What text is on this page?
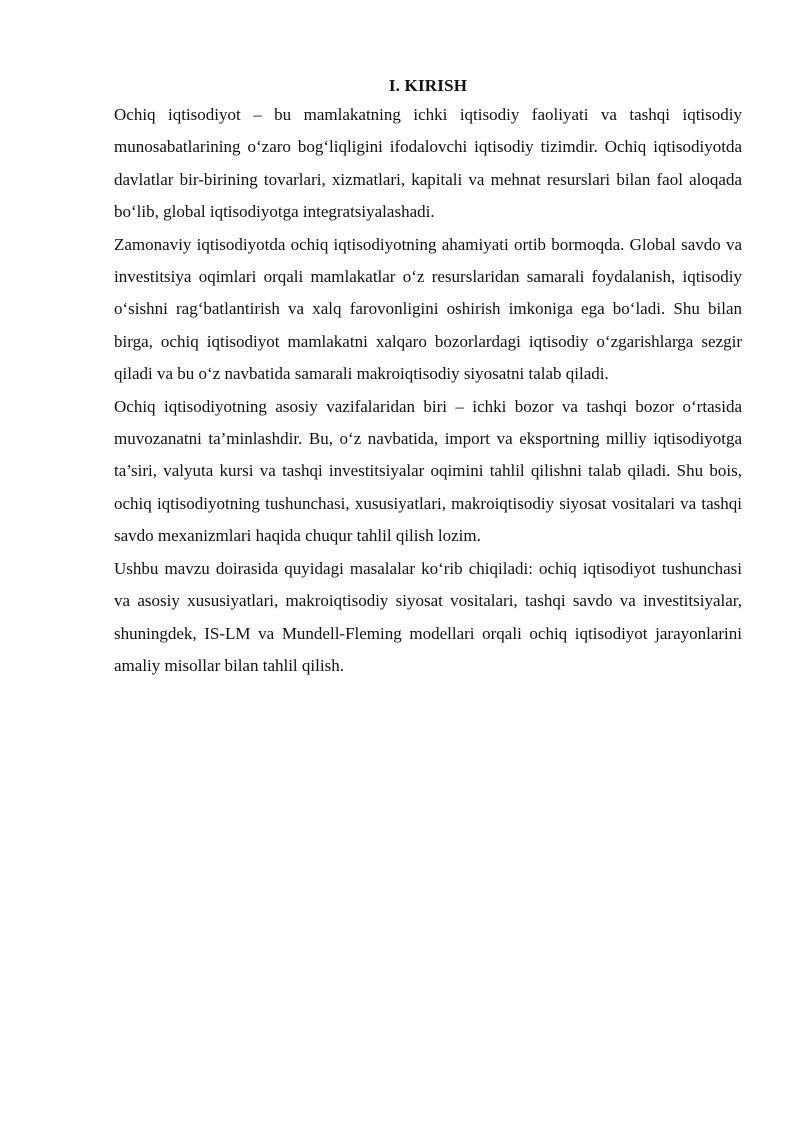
I. KIRISH

Ochiq iqtisodiyot – bu mamlakatning ichki iqtisodiy faoliyati va tashqi iqtisodiy munosabatlarining o‘zaro bog‘liqligini ifodalovchi iqtisodiy tizimdir. Ochiq iqtisodiyotda davlatlar bir-birining tovarlari, xizmatlari, kapitali va mehnat resurslari bilan faol aloqada bo‘lib, global iqtisodiyotga integratsiyalashadi.

Zamonaviy iqtisodiyotda ochiq iqtisodiyotning ahamiyati ortib bormoqda. Global savdo va investitsiya oqimlari orqali mamlakatlar o‘z resurslaridan samarali foydalanish, iqtisodiy o‘sishni rag‘batlantirish va xalq farovonligini oshirish imkoniga ega bo‘ladi. Shu bilan birga, ochiq iqtisodiyot mamlakatni xalqaro bozorlardagi iqtisodiy o‘zgarishlarga sezgir qiladi va bu o‘z navbatida samarali makroiqtisodiy siyosatni talab qiladi.

Ochiq iqtisodiyotning asosiy vazifalaridan biri – ichki bozor va tashqi bozor o‘rtasida muvozanatni ta’minlashdir. Bu, o‘z navbatida, import va eksportning milliy iqtisodiyotga ta’siri, valyuta kursi va tashqi investitsiyalar oqimini tahlil qilishni talab qiladi. Shu bois, ochiq iqtisodiyotning tushunchasi, xususiyatlari, makroiqtisodiy siyosat vositalari va tashqi savdo mexanizmlari haqida chuqur tahlil qilish lozim.

Ushbu mavzu doirasida quyidagi masalalar ko‘rib chiqiladi: ochiq iqtisodiyot tushunchasi va asosiy xususiyatlari, makroiqtisodiy siyosat vositalari, tashqi savdo va investitsiyalar, shuningdek, IS-LM va Mundell-Fleming modellari orqali ochiq iqtisodiyot jarayonlarini amaliy misollar bilan tahlil qilish.
